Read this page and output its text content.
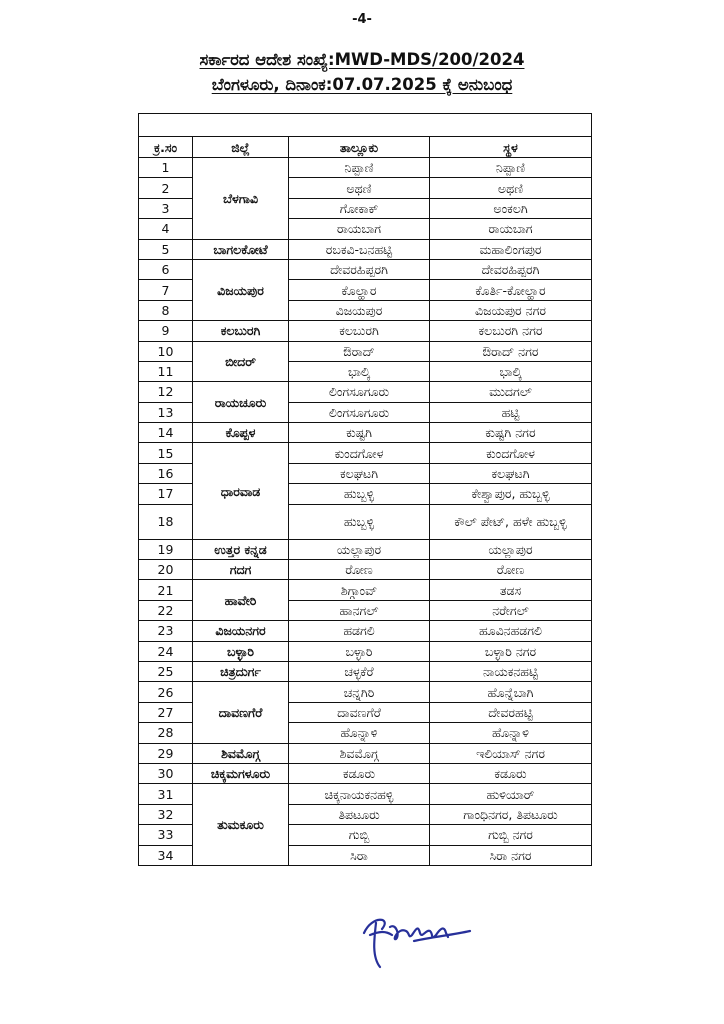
-4-
ಸರ್ಕಾರದ ಆದೇಶ ಸಂಖ್ಯೆ:MWD-MDS/200/2024
ಬೆಂಗಳೂರು, ದಿನಾಂಕ:07.07.2025 ಕ್ಕೆ ಅನುಬಂಧ

ಕ್ರ.ಸಂ	ಜಿಲ್ಲೆ	ತಾಲ್ಲೂಕು	ಸ್ಥಳ
1	ಬೆಳಗಾವಿ	ನಿಪ್ಪಾಣಿ	ನಿಪ್ಪಾಣಿ
2		ಅಥಣಿ	ಅಥಣಿ
3		ಗೋಕಾಕ್	ಅಂಕಲಗಿ
4		ರಾಯಬಾಗ	ರಾಯಬಾಗ
5	ಬಾಗಲಕೋಟೆ	ರಬಕವಿ-ಬನಹಟ್ಟಿ	ಮಹಾಲಿಂಗಪುರ
6	ವಿಜಯಪುರ	ದೇವರಹಿಪ್ಪರಗಿ	ದೇವರಹಿಪ್ಪರಗಿ
7		ಕೊಲ್ಹಾರ	ಕೊರ್ತಿ-ಕೋಲ್ಹಾರ
8		ವಿಜಯಪುರ	ವಿಜಯಪುರ ನಗರ
9	ಕಲಬುರಗಿ	ಕಲಬುರಗಿ	ಕಲಬುರಗಿ ನಗರ
10	ಬೀದರ್	ಔರಾದ್	ಔರಾದ್ ನಗರ
11		ಭಾಲ್ಕಿ	ಭಾಲ್ಕಿ
12	ರಾಯಚೂರು	ಲಿಂಗಸೂಗೂರು	ಮುದಗಲ್
13		ಲಿಂಗಸೂಗೂರು	ಹಟ್ಟಿ
14	ಕೊಪ್ಪಳ	ಕುಷ್ಟಗಿ	ಕುಷ್ಟಗಿ ನಗರ
15	ಧಾರವಾಡ	ಕುಂದಗೋಳ	ಕುಂದಗೋಳ
16		ಕಲಘಟಗಿ	ಕಲಘಟಗಿ
17		ಹುಬ್ಬಳ್ಳಿ	ಕೇಶ್ವಾಪುರ, ಹುಬ್ಬಳ್ಳಿ
18		ಹುಬ್ಬಳ್ಳಿ	ಕೌಲ್ ಪೇಟ್, ಹಳೇ ಹುಬ್ಬಳ್ಳಿ
19	ಉತ್ತರ ಕನ್ನಡ	ಯಲ್ಲಾಪುರ	ಯಲ್ಲಾಪುರ
20	ಗದಗ	ರೋಣ	ರೋಣ
21	ಹಾವೇರಿ	ಶಿಗ್ಗಾಂವ್	ತಡಸ
22		ಹಾನಗಲ್	ನರೇಗಲ್
23	ವಿಜಯನಗರ	ಹಡಗಲಿ	ಹೂವಿನಹಡಗಲಿ
24	ಬಳ್ಳಾರಿ	ಬಳ್ಳಾರಿ	ಬಳ್ಳಾರಿ ನಗರ
25	ಚಿತ್ರದುರ್ಗ	ಚಳ್ಳಕೆರೆ	ನಾಯಕನಹಟ್ಟಿ
26	ದಾವಣಗೆರೆ	ಚನ್ನಗಿರಿ	ಹೊನ್ನೆಬಾಗಿ
27		ದಾವಣಗೆರೆ	ದೇವರಹಟ್ಟಿ
28		ಹೊನ್ನಾಳಿ	ಹೊನ್ನಾಳಿ
29	ಶಿವಮೊಗ್ಗ	ಶಿವಮೊಗ್ಗ	ಇಲಿಯಾಸ್ ನಗರ
30	ಚಿಕ್ಕಮಗಳೂರು	ಕಡೂರು	ಕಡೂರು
31	ತುಮಕೂರು	ಚಿಕ್ಕನಾಯಕನಹಳ್ಳಿ	ಹುಳಿಯಾರ್
32		ತಿಪಟೂರು	ಗಾಂಧಿನಗರ, ತಿಪಟೂರು
33		ಗುಬ್ಬಿ	ಗುಬ್ಬಿ ನಗರ
34		ಸಿರಾ	ಸಿರಾ ನಗರ
